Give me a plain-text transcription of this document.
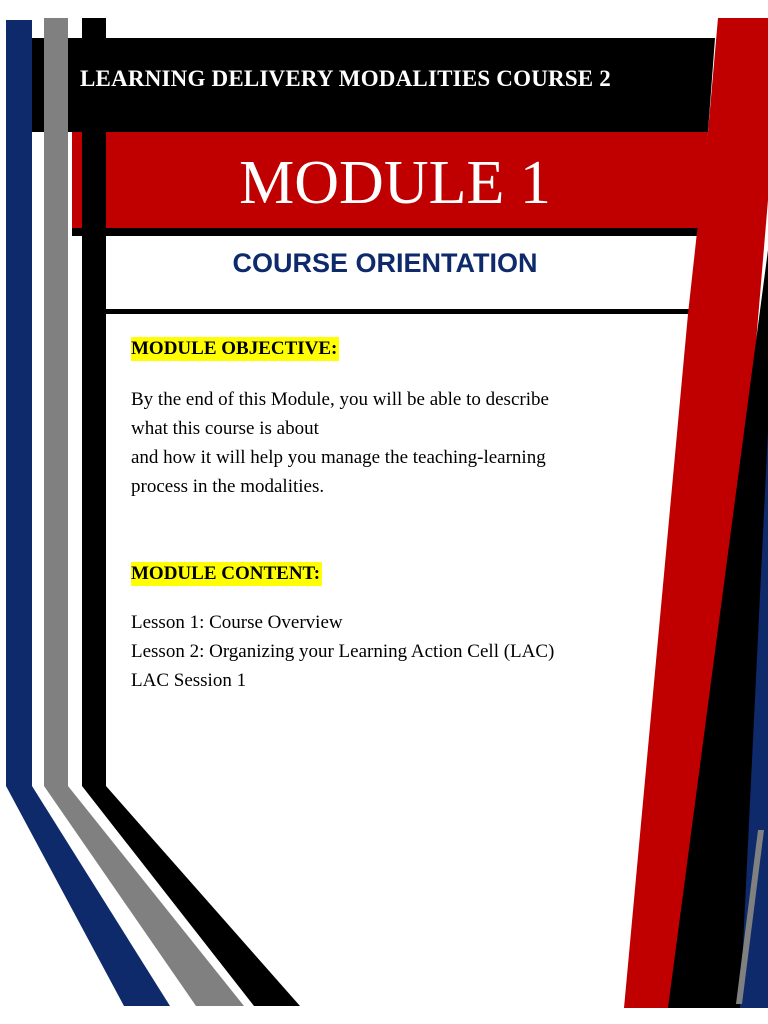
LEARNING DELIVERY MODALITIES COURSE 2
MODULE 1
COURSE ORIENTATION
MODULE OBJECTIVE:

By the end of this Module, you will be able to describe
what this course is about
and how it will help you manage the teaching-learning
process in the modalities.

MODULE CONTENT:

Lesson 1: Course Overview
Lesson 2: Organizing your Learning Action Cell (LAC)
LAC Session 1
